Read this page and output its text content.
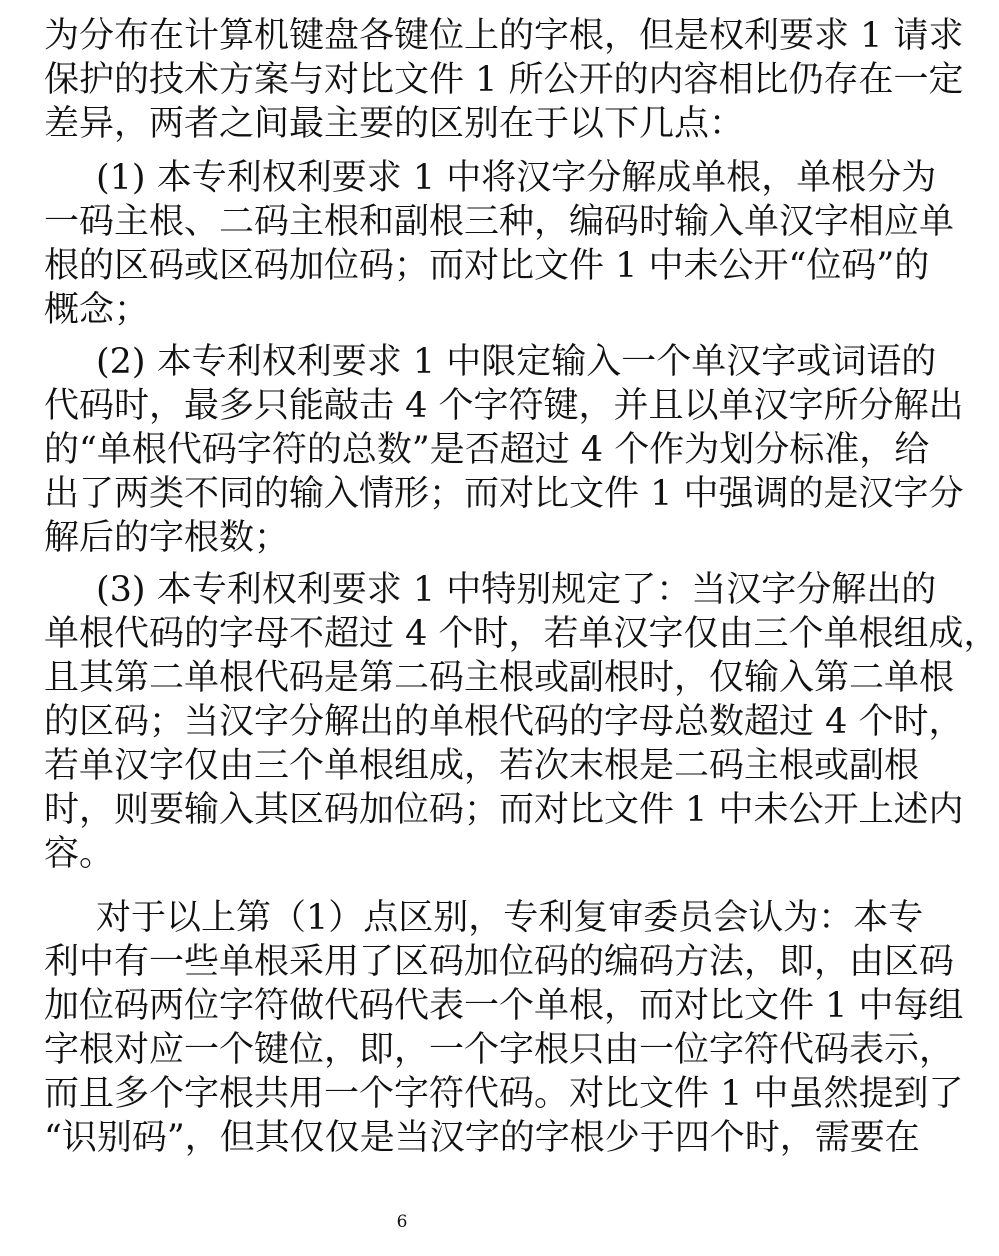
为分布在计算机键盘各键位上的字根，但是权利要求 1 请求
保护的技术方案与对比文件 1 所公开的内容相比仍存在一定
差异，两者之间最主要的区别在于以下几点：
(1) 本专利权利要求 1 中将汉字分解成单根，单根分为
一码主根、二码主根和副根三种，编码时输入单汉字相应单
根的区码或区码加位码；而对比文件 1 中未公开“位码”的
概念；
(2) 本专利权利要求 1 中限定输入一个单汉字或词语的
代码时，最多只能敲击 4 个字符键，并且以单汉字所分解出
的“单根代码字符的总数”是否超过 4 个作为划分标准，给
出了两类不同的输入情形；而对比文件 1 中强调的是汉字分
解后的字根数；
(3) 本专利权利要求 1 中特别规定了：当汉字分解出的
单根代码的字母不超过 4 个时，若单汉字仅由三个单根组成，
且其第二单根代码是第二码主根或副根时，仅输入第二单根
的区码；当汉字分解出的单根代码的字母总数超过 4 个时，
若单汉字仅由三个单根组成，若次末根是二码主根或副根
时，则要输入其区码加位码；而对比文件 1 中未公开上述内
容。
对于以上第（1）点区别，专利复审委员会认为：本专
利中有一些单根采用了区码加位码的编码方法，即，由区码
加位码两位字符做代码代表一个单根，而对比文件 1 中每组
字根对应一个键位，即，一个字根只由一位字符代码表示，
而且多个字根共用一个字符代码。对比文件 1 中虽然提到了
“识别码”，但其仅仅是当汉字的字根少于四个时，需要在
6
